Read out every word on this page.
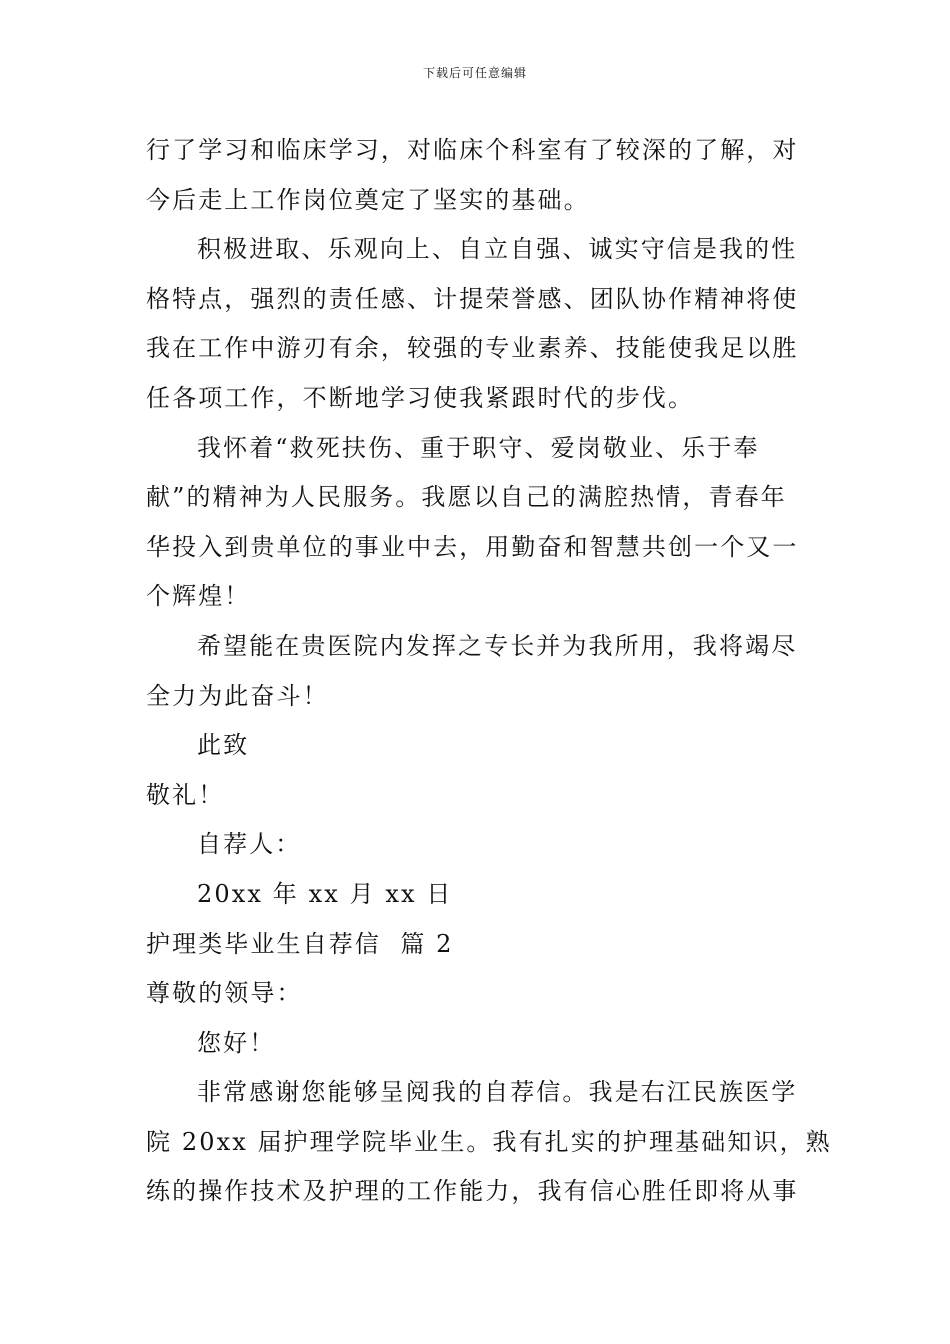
下载后可任意编辑
行了学习和临床学习，对临床个科室有了较深的了解，对
今后走上工作岗位奠定了坚实的基础。
积极进取、乐观向上、自立自强、诚实守信是我的性
格特点，强烈的责任感、计提荣誉感、团队协作精神将使
我在工作中游刃有余，较强的专业素养、技能使我足以胜
任各项工作，不断地学习使我紧跟时代的步伐。
我怀着“救死扶伤、重于职守、爱岗敬业、乐于奉
献”的精神为人民服务。我愿以自己的满腔热情，青春年
华投入到贵单位的事业中去，用勤奋和智慧共创一个又一
个辉煌！
希望能在贵医院内发挥之专长并为我所用，我将竭尽
全力为此奋斗！
此致
敬礼！
自荐人：
20xx 年 xx 月 xx 日
护理类毕业生自荐信  篇 2
尊敬的领导：
您好！
非常感谢您能够呈阅我的自荐信。我是右江民族医学
院 20xx 届护理学院毕业生。我有扎实的护理基础知识，熟
练的操作技术及护理的工作能力，我有信心胜任即将从事
